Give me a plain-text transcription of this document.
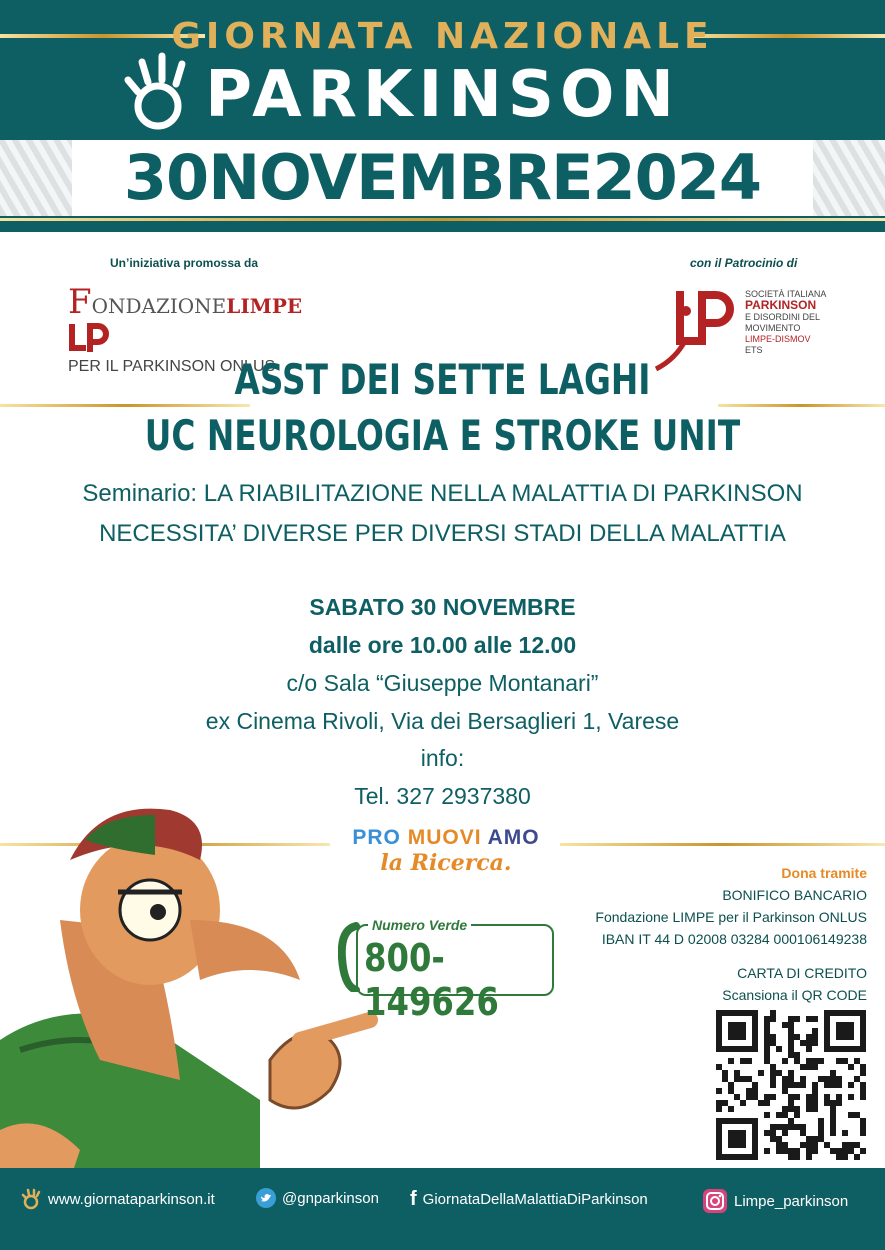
GIORNATA NAZIONALE
PARKINSON
30NOVEMBRE2024
Un’iniziativa promossa da	con il Patrocinio di
FONDAZIONELIMPE
PER IL PARKINSON ONLUS
SOCIETÀ ITALIANA
PARKINSON
E DISORDINI DEL
MOVIMENTO
LIMPE-DISMOV
ETS
ASST DEI SETTE LAGHI
UC NEUROLOGIA E STROKE UNIT
Seminario: LA RIABILITAZIONE NELLA MALATTIA DI PARKINSON
NECESSITA’ DIVERSE PER DIVERSI STADI DELLA MALATTIA
SABATO 30 NOVEMBRE
dalle ore 10.00 alle 12.00
c/o Sala “Giuseppe Montanari”
ex Cinema Rivoli, Via dei Bersaglieri 1, Varese
info:
Tel. 327 2937380
PRO MUOVI AMO
la Ricerca.
Numero Verde
800-149626
Dona tramite
BONIFICO BANCARIO
Fondazione LIMPE per il Parkinson ONLUS
IBAN IT 44 D 02008 03284 000106149238
CARTA DI CREDITO
Scansiona il QR CODE
www.giornataparkinson.it	@gnparkinson f GiornataDellaMalattiaDiParkinson	Limpe_parkinson
